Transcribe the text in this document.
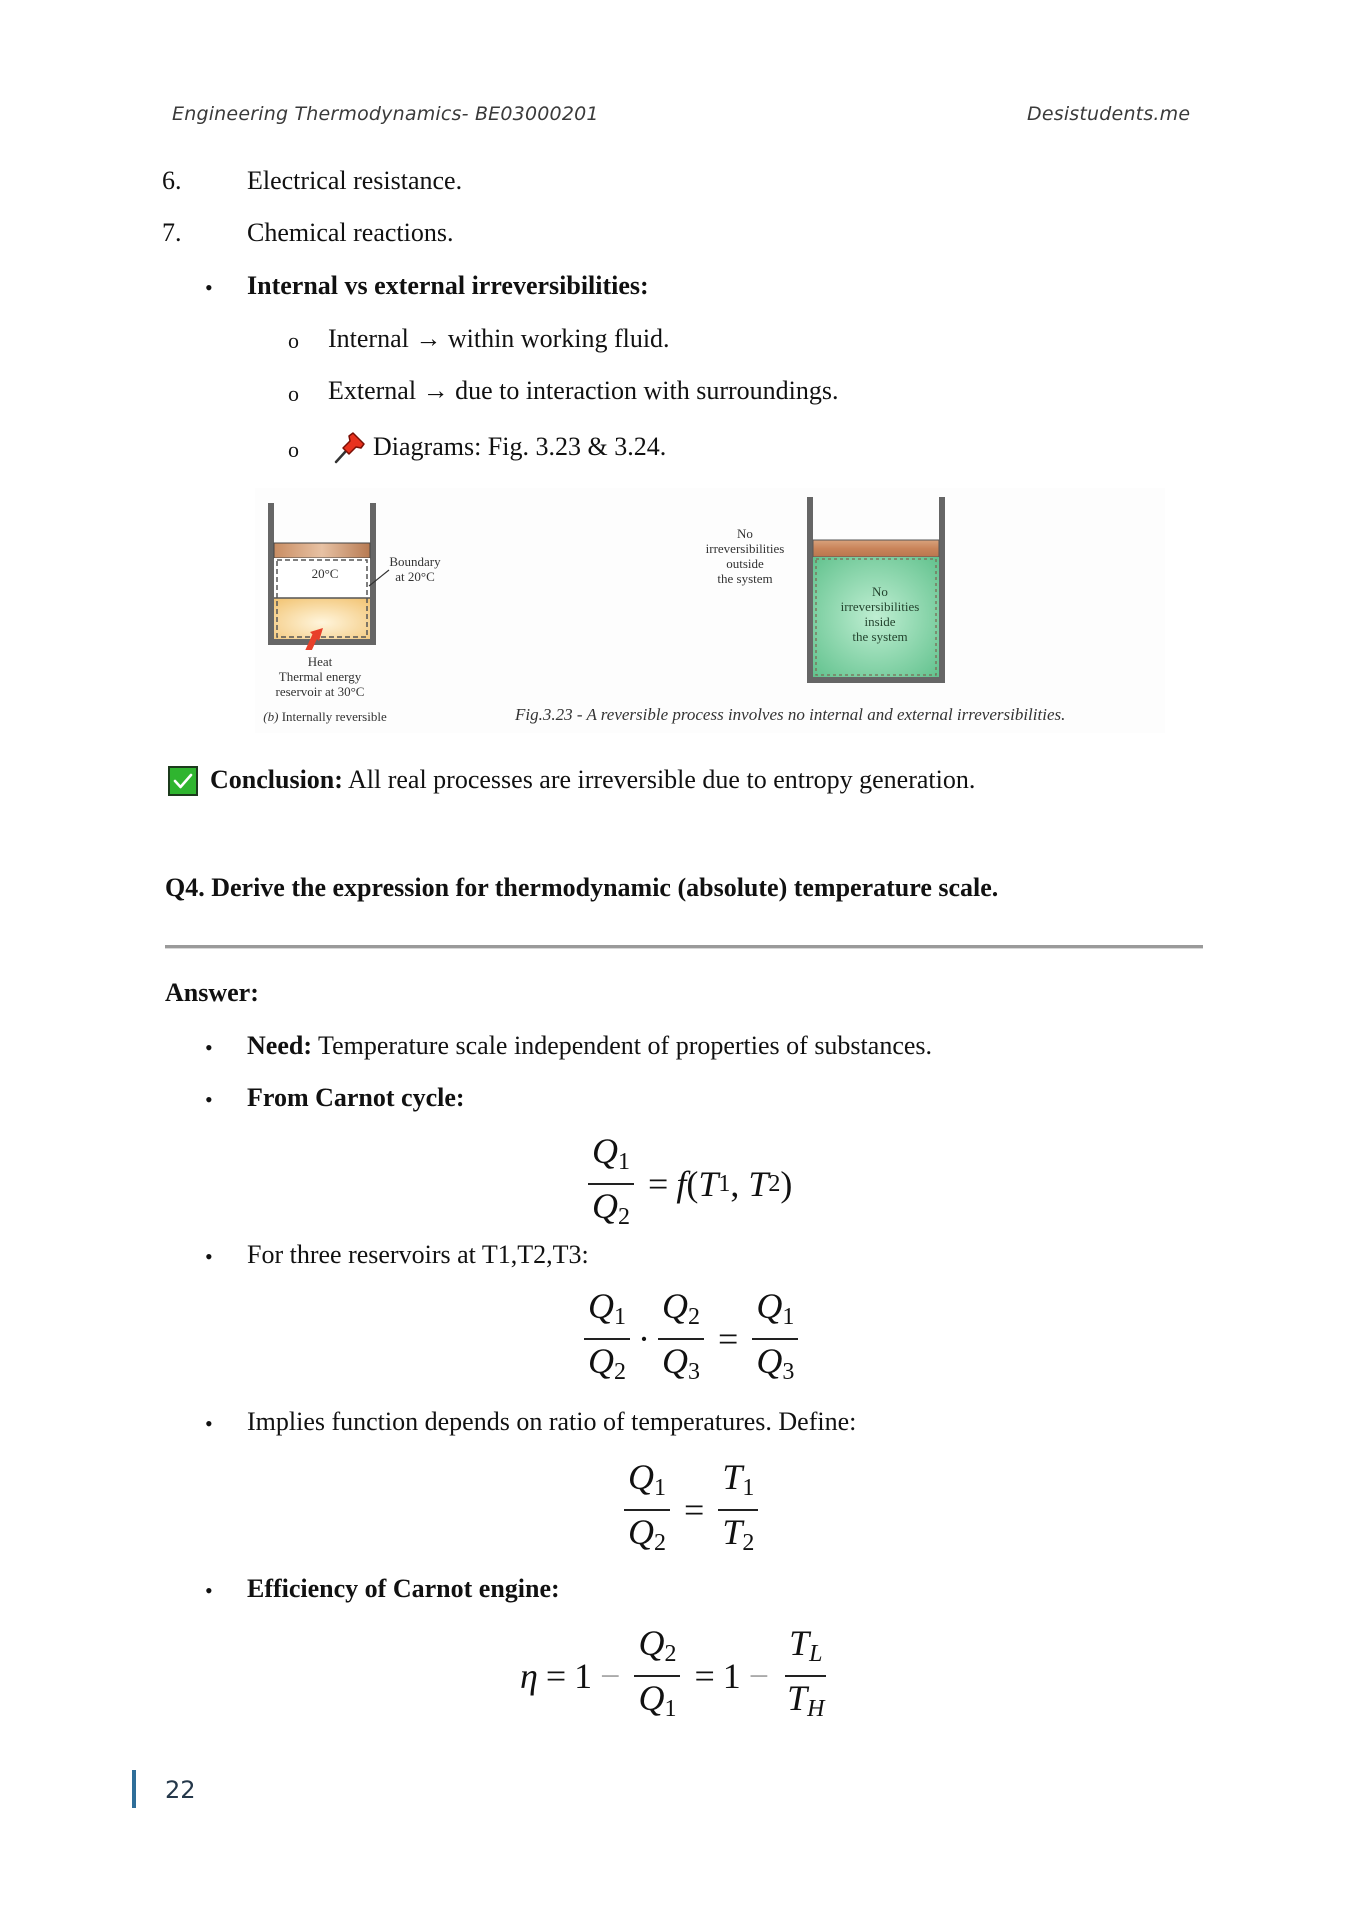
Engineering Thermodynamics- BE03000201	Desistudents.me
6.	Electrical resistance.
7.	Chemical reactions.
• Internal vs external irreversibilities:
o Internal → within working fluid.
o External → due to interaction with surroundings.
o	Diagrams: Fig. 3.23 & 3.24.
20°C
Boundary
at 20°C
Heat
Thermal energy
reservoir at 30°C
(b) Internally reversible
No
irreversibilities
outside
the system
No
irreversibilities
inside
the system
Fig.3.23 - A reversible process involves no internal and external irreversibilities.
Conclusion: All real processes are irreversible due to entropy generation.
Q4. Derive the expression for thermodynamic (absolute) temperature scale.
Answer:
• Need: Temperature scale independent of properties of substances.
• From Carnot cycle:
$\frac{Q_1}{Q_2} = f$ ( T 1 ,
T 2 )
• For three reservoirs at T1,T2,T3:
$\frac{Q_1}{Q_2} \cdot \frac{Q_2}{Q_3} = \frac{Q_1}{Q_3}$
• Implies function depends on ratio of temperatures. Define:
$\frac{Q_1}{Q_2} = \frac{T_1}{T_2}$
• Efficiency of Carnot engine:
$\eta = 1 - \frac{Q_2}{Q_1} = 1 - \frac{T_L}{T_H}$
22
